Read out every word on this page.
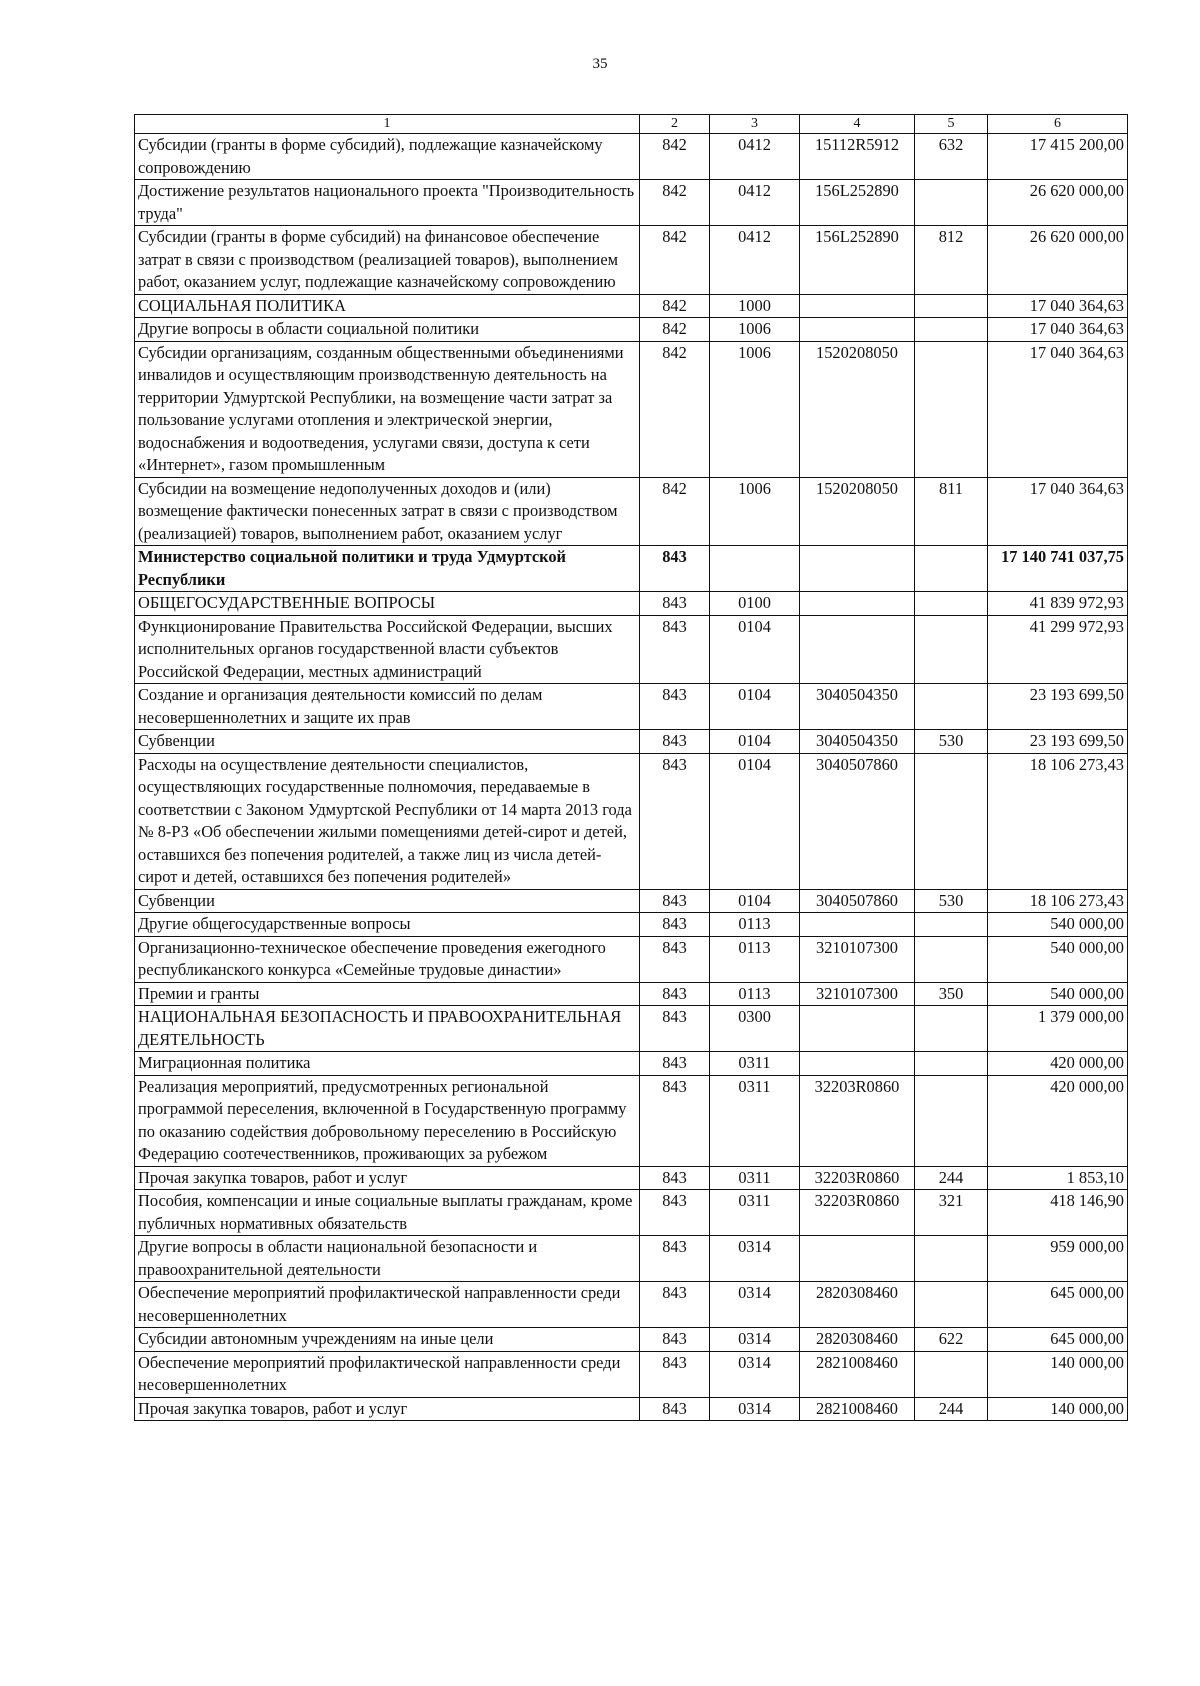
35
1	2	3	4	5	6
Субсидии (гранты в форме субсидий), подлежащие казначейскому сопровождению	842	0412	15112R5912	632	17 415 200,00
Достижение результатов национального проекта "Производительность труда"	842	0412	156L252890		26 620 000,00
Субсидии (гранты в форме субсидий) на финансовое обеспечение затрат в связи с производством (реализацией товаров), выполнением работ, оказанием услуг, подлежащие казначейскому сопровождению	842	0412	156L252890	812	26 620 000,00
СОЦИАЛЬНАЯ ПОЛИТИКА	842	1000			17 040 364,63
Другие вопросы в области социальной политики	842	1006			17 040 364,63
Субсидии организациям, созданным общественными объединениями инвалидов и осуществляющим производственную деятельность на территории Удмуртской Республики, на возмещение части затрат за пользование услугами отопления и электрической энергии, водоснабжения и водоотведения, услугами связи, доступа к сети «Интернет», газом промышленным	842	1006	1520208050		17 040 364,63
Субсидии на возмещение недополученных доходов и (или) возмещение фактически понесенных затрат в связи с производством (реализацией) товаров, выполнением работ, оказанием услуг	842	1006	1520208050	811	17 040 364,63
Министерство социальной политики и труда Удмуртской Республики	843				17 140 741 037,75
ОБЩЕГОСУДАРСТВЕННЫЕ ВОПРОСЫ	843	0100			41 839 972,93
Функционирование Правительства Российской Федерации, высших исполнительных органов государственной власти субъектов Российской Федерации, местных администраций	843	0104			41 299 972,93
Создание и организация деятельности комиссий по делам несовершеннолетних и защите их прав	843	0104	3040504350		23 193 699,50
Субвенции	843	0104	3040504350	530	23 193 699,50
Расходы на осуществление деятельности специалистов, осуществляющих государственные полномочия, передаваемые в соответствии с Законом Удмуртской Республики от 14 марта 2013 года № 8-РЗ «Об обеспечении жилыми помещениями детей-сирот и детей, оставшихся без попечения родителей, а также лиц из числа детей-сирот и детей, оставшихся без попечения родителей»	843	0104	3040507860		18 106 273,43
Субвенции	843	0104	3040507860	530	18 106 273,43
Другие общегосударственные вопросы	843	0113			540 000,00
Организационно-техническое обеспечение проведения ежегодного республиканского конкурса «Семейные трудовые династии»	843	0113	3210107300		540 000,00
Премии и гранты	843	0113	3210107300	350	540 000,00
НАЦИОНАЛЬНАЯ БЕЗОПАСНОСТЬ И ПРАВООХРАНИТЕЛЬНАЯ ДЕЯТЕЛЬНОСТЬ	843	0300			1 379 000,00
Миграционная политика	843	0311			420 000,00
Реализация мероприятий, предусмотренных региональной программой переселения, включенной в Государственную программу по оказанию содействия добровольному переселению в Российскую Федерацию соотечественников, проживающих за рубежом	843	0311	32203R0860		420 000,00
Прочая закупка товаров, работ и услуг	843	0311	32203R0860	244	1 853,10
Пособия, компенсации и иные социальные выплаты гражданам, кроме публичных нормативных обязательств	843	0311	32203R0860	321	418 146,90
Другие вопросы в области национальной безопасности и правоохранительной деятельности	843	0314			959 000,00
Обеспечение мероприятий профилактической направленности среди несовершеннолетних	843	0314	2820308460		645 000,00
Субсидии автономным учреждениям на иные цели	843	0314	2820308460	622	645 000,00
Обеспечение мероприятий профилактической направленности среди несовершеннолетних	843	0314	2821008460		140 000,00
Прочая закупка товаров, работ и услуг	843	0314	2821008460	244	140 000,00
